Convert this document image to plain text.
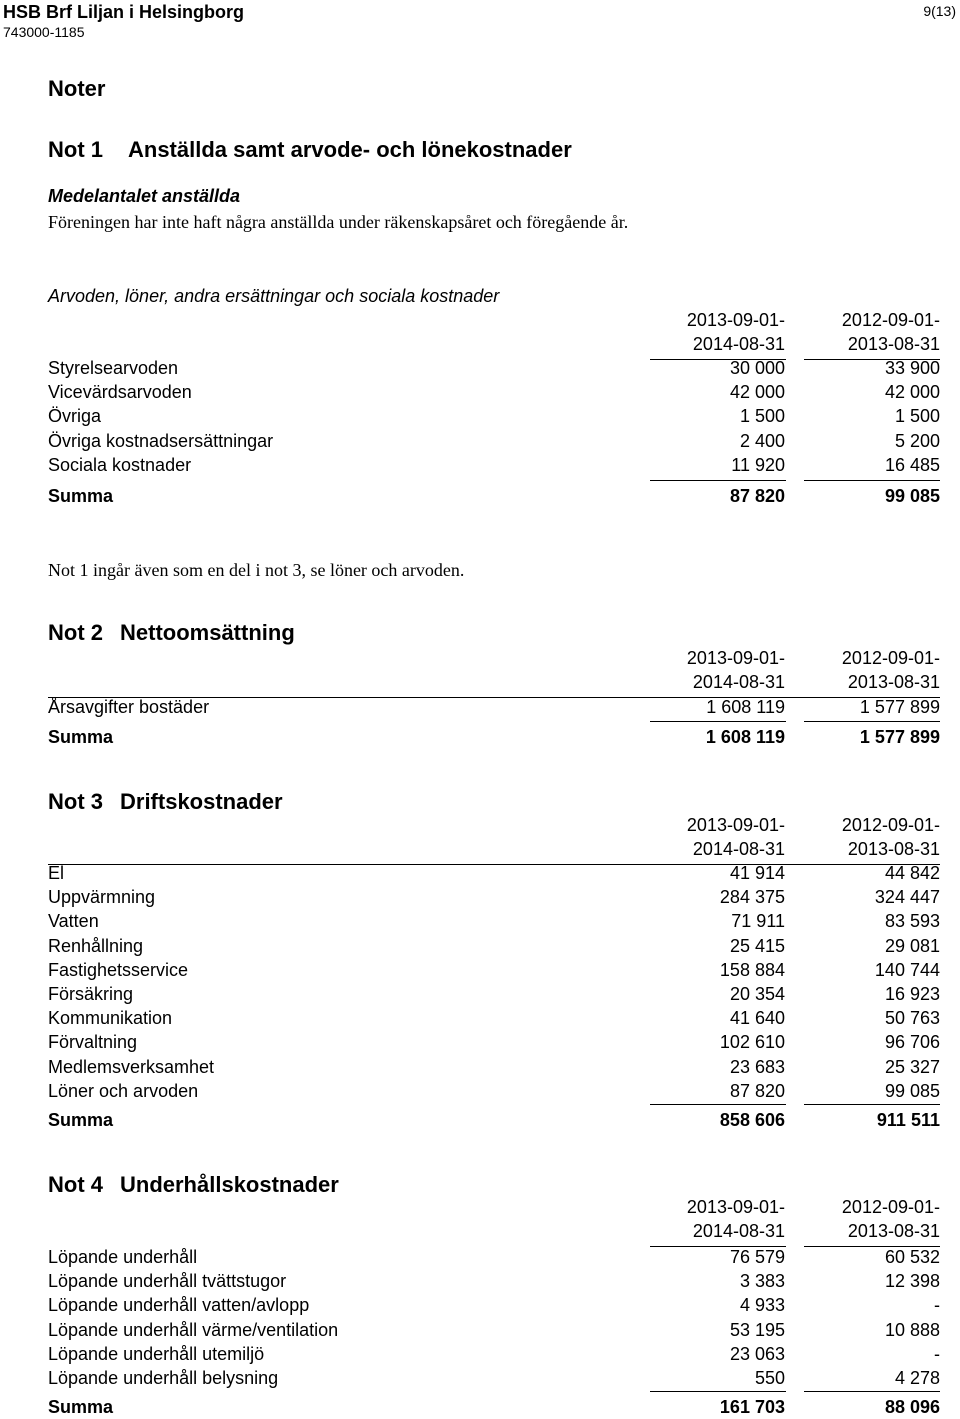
HSB Brf Liljan i Helsingborg
743000-1185
9(13)
Noter
Not 1 Anställda samt arvode- och lönekostnader
Medelantalet anställda
Föreningen har inte haft några anställda under räkenskapsåret och föregående år.
Arvoden, löner, andra ersättningar och sociala kostnader
2013-09-01-
2014-08-31
2012-09-01-
2013-08-31
Styrelsearvoden	30 000	33 900
Vicevärdsarvoden	42 000	42 000
Övriga	1 500	1 500
Övriga kostnadsersättningar	2 400	5 200
Sociala kostnader	11 920	16 485
Summa	87 820	99 085
Not 1 ingår även som en del i not 3, se löner och arvoden.
Not 2 Nettoomsättning
2013-09-01-
2014-08-31
2012-09-01-
2013-08-31
Årsavgifter bostäder	1 608 119	1 577 899
Summa	1 608 119	1 577 899
Not 3 Driftskostnader
2013-09-01-
2014-08-31
2012-09-01-
2013-08-31
El	41 914	44 842
Uppvärmning	284 375	324 447
Vatten	71 911	83 593
Renhållning	25 415	29 081
Fastighetsservice	158 884	140 744
Försäkring	20 354	16 923
Kommunikation	41 640	50 763
Förvaltning	102 610	96 706
Medlemsverksamhet	23 683	25 327
Löner och arvoden	87 820	99 085
Summa	858 606	911 511
Not 4 Underhållskostnader
2013-09-01-
2014-08-31
2012-09-01-
2013-08-31
Löpande underhåll	76 579	60 532
Löpande underhåll tvättstugor	3 383	12 398
Löpande underhåll vatten/avlopp	4 933	-
Löpande underhåll värme/ventilation	53 195	10 888
Löpande underhåll utemiljö	23 063	-
Löpande underhåll belysning	550	4 278
Summa	161 703	88 096
